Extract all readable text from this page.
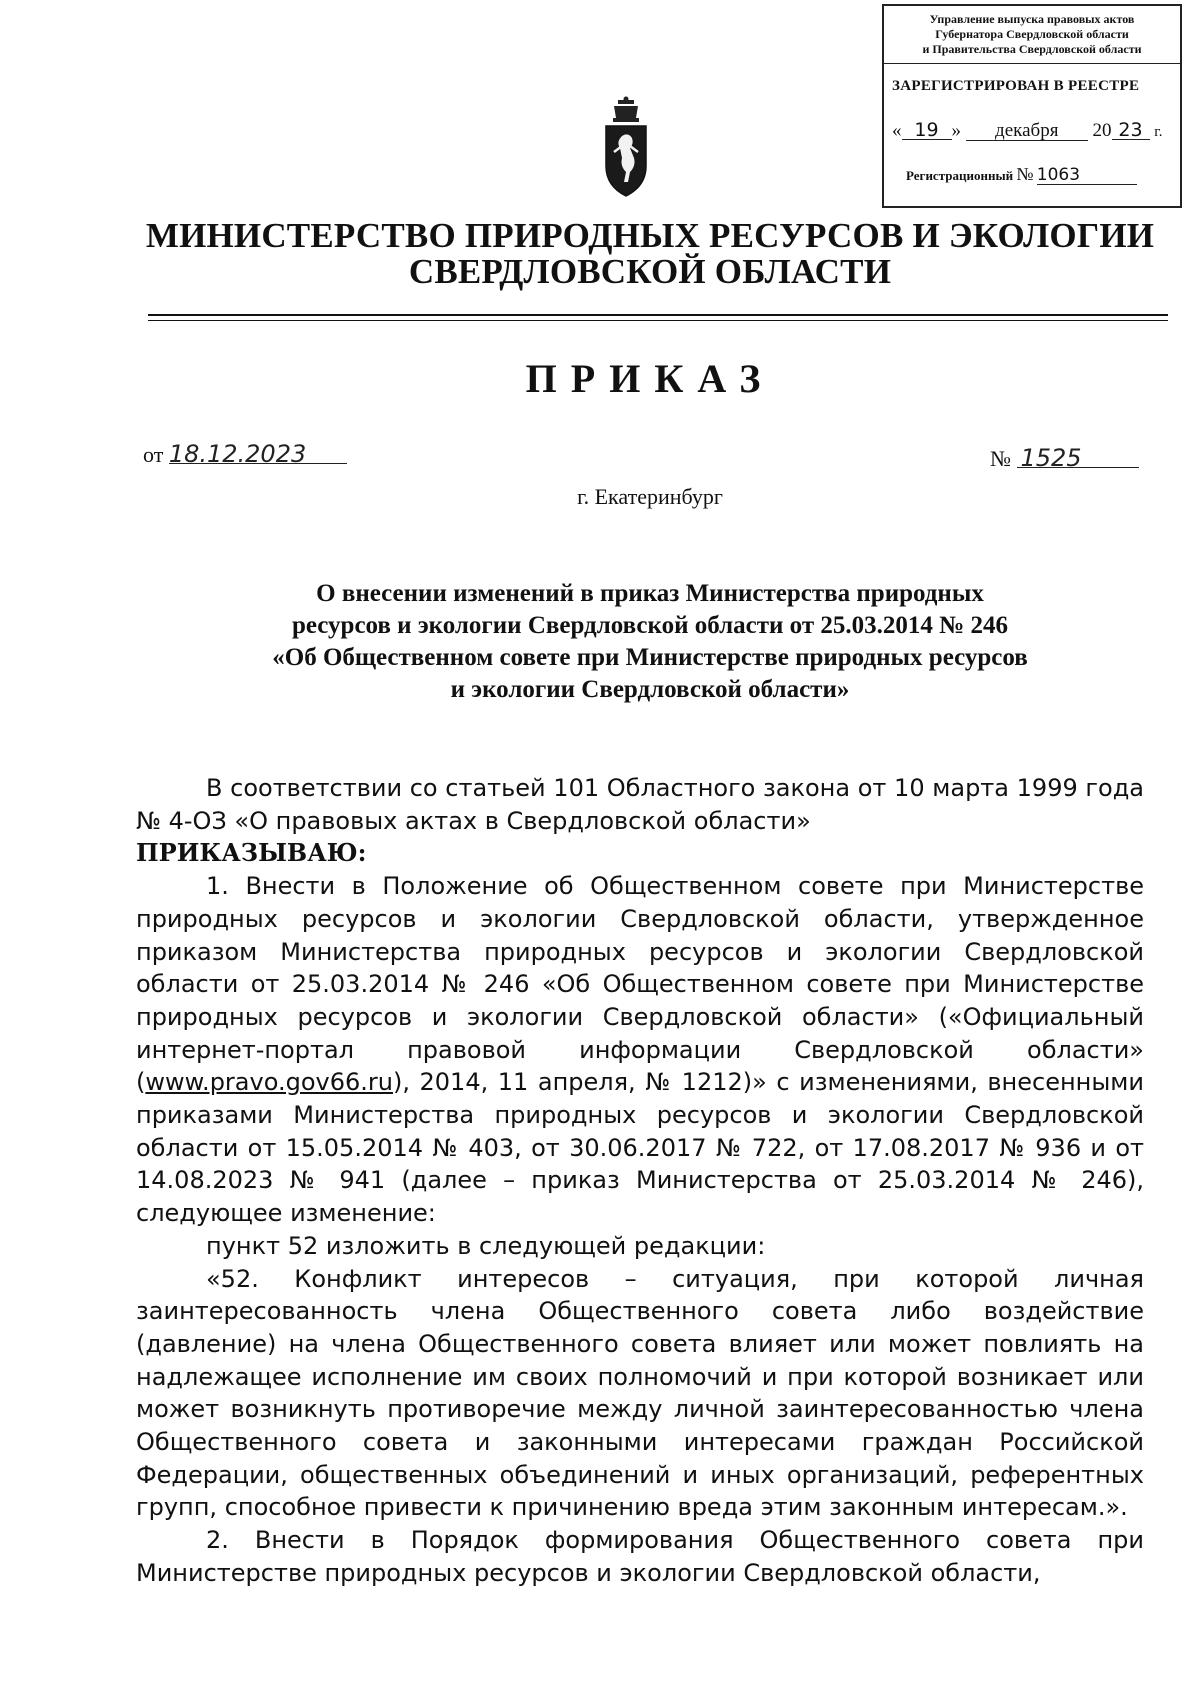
Управление выпуска правовых актов
Губернатора Свердловской области
и Правительства Свердловской области
ЗАРЕГИСТРИРОВАН В РЕЕСТРЕ
« 19 » декабря 20 23 г.
Регистрационный № 1063
МИНИСТЕРСТВО ПРИРОДНЫХ РЕСУРСОВ И ЭКОЛОГИИ
СВЕРДЛОВСКОЙ ОБЛАСТИ
ПРИКАЗ
от 18.12.2023	№ 1525
г. Екатеринбург
О внесении изменений в приказ Министерства природных
ресурсов и экологии Свердловской области от 25.03.2014 № 246
«Об Общественном совете при Министерстве природных ресурсов
и экологии Свердловской области»

В соответствии со статьей 101 Областного закона от 10 марта 1999 года № 4-ОЗ «О правовых актах в Свердловской области»

ПРИКАЗЫВАЮ:

1. Внести в Положение об Общественном совете при Министерстве природных ресурсов и экологии Свердловской области, утвержденное приказом Министерства природных ресурсов и экологии Свердловской области от 25.03.2014 № 246 «Об Общественном совете при Министерстве природных ресурсов и экологии Свердловской области» («Официальный интернет-портал правовой информации Свердловской области» (www.pravo.gov66.ru), 2014, 11 апреля, № 1212)» с изменениями, внесенными приказами Министерства природных ресурсов и экологии Свердловской области от 15.05.2014 № 403, от 30.06.2017 № 722, от 17.08.2017 № 936 и от 14.08.2023 № 941 (далее – приказ Министерства от 25.03.2014 № 246), следующее изменение:

пункт 52 изложить в следующей редакции:

«52. Конфликт интересов – ситуация, при которой личная заинтересованность члена Общественного совета либо воздействие (давление) на члена Общественного совета влияет или может повлиять на надлежащее исполнение им своих полномочий и при которой возникает или может возникнуть противоречие между личной заинтересованностью члена Общественного совета и законными интересами граждан Российской Федерации, общественных объединений и иных организаций, референтных групп, способное привести к причинению вреда этим законным интересам.».

2. Внести в Порядок формирования Общественного совета при Министерстве природных ресурсов и экологии Свердловской области,
